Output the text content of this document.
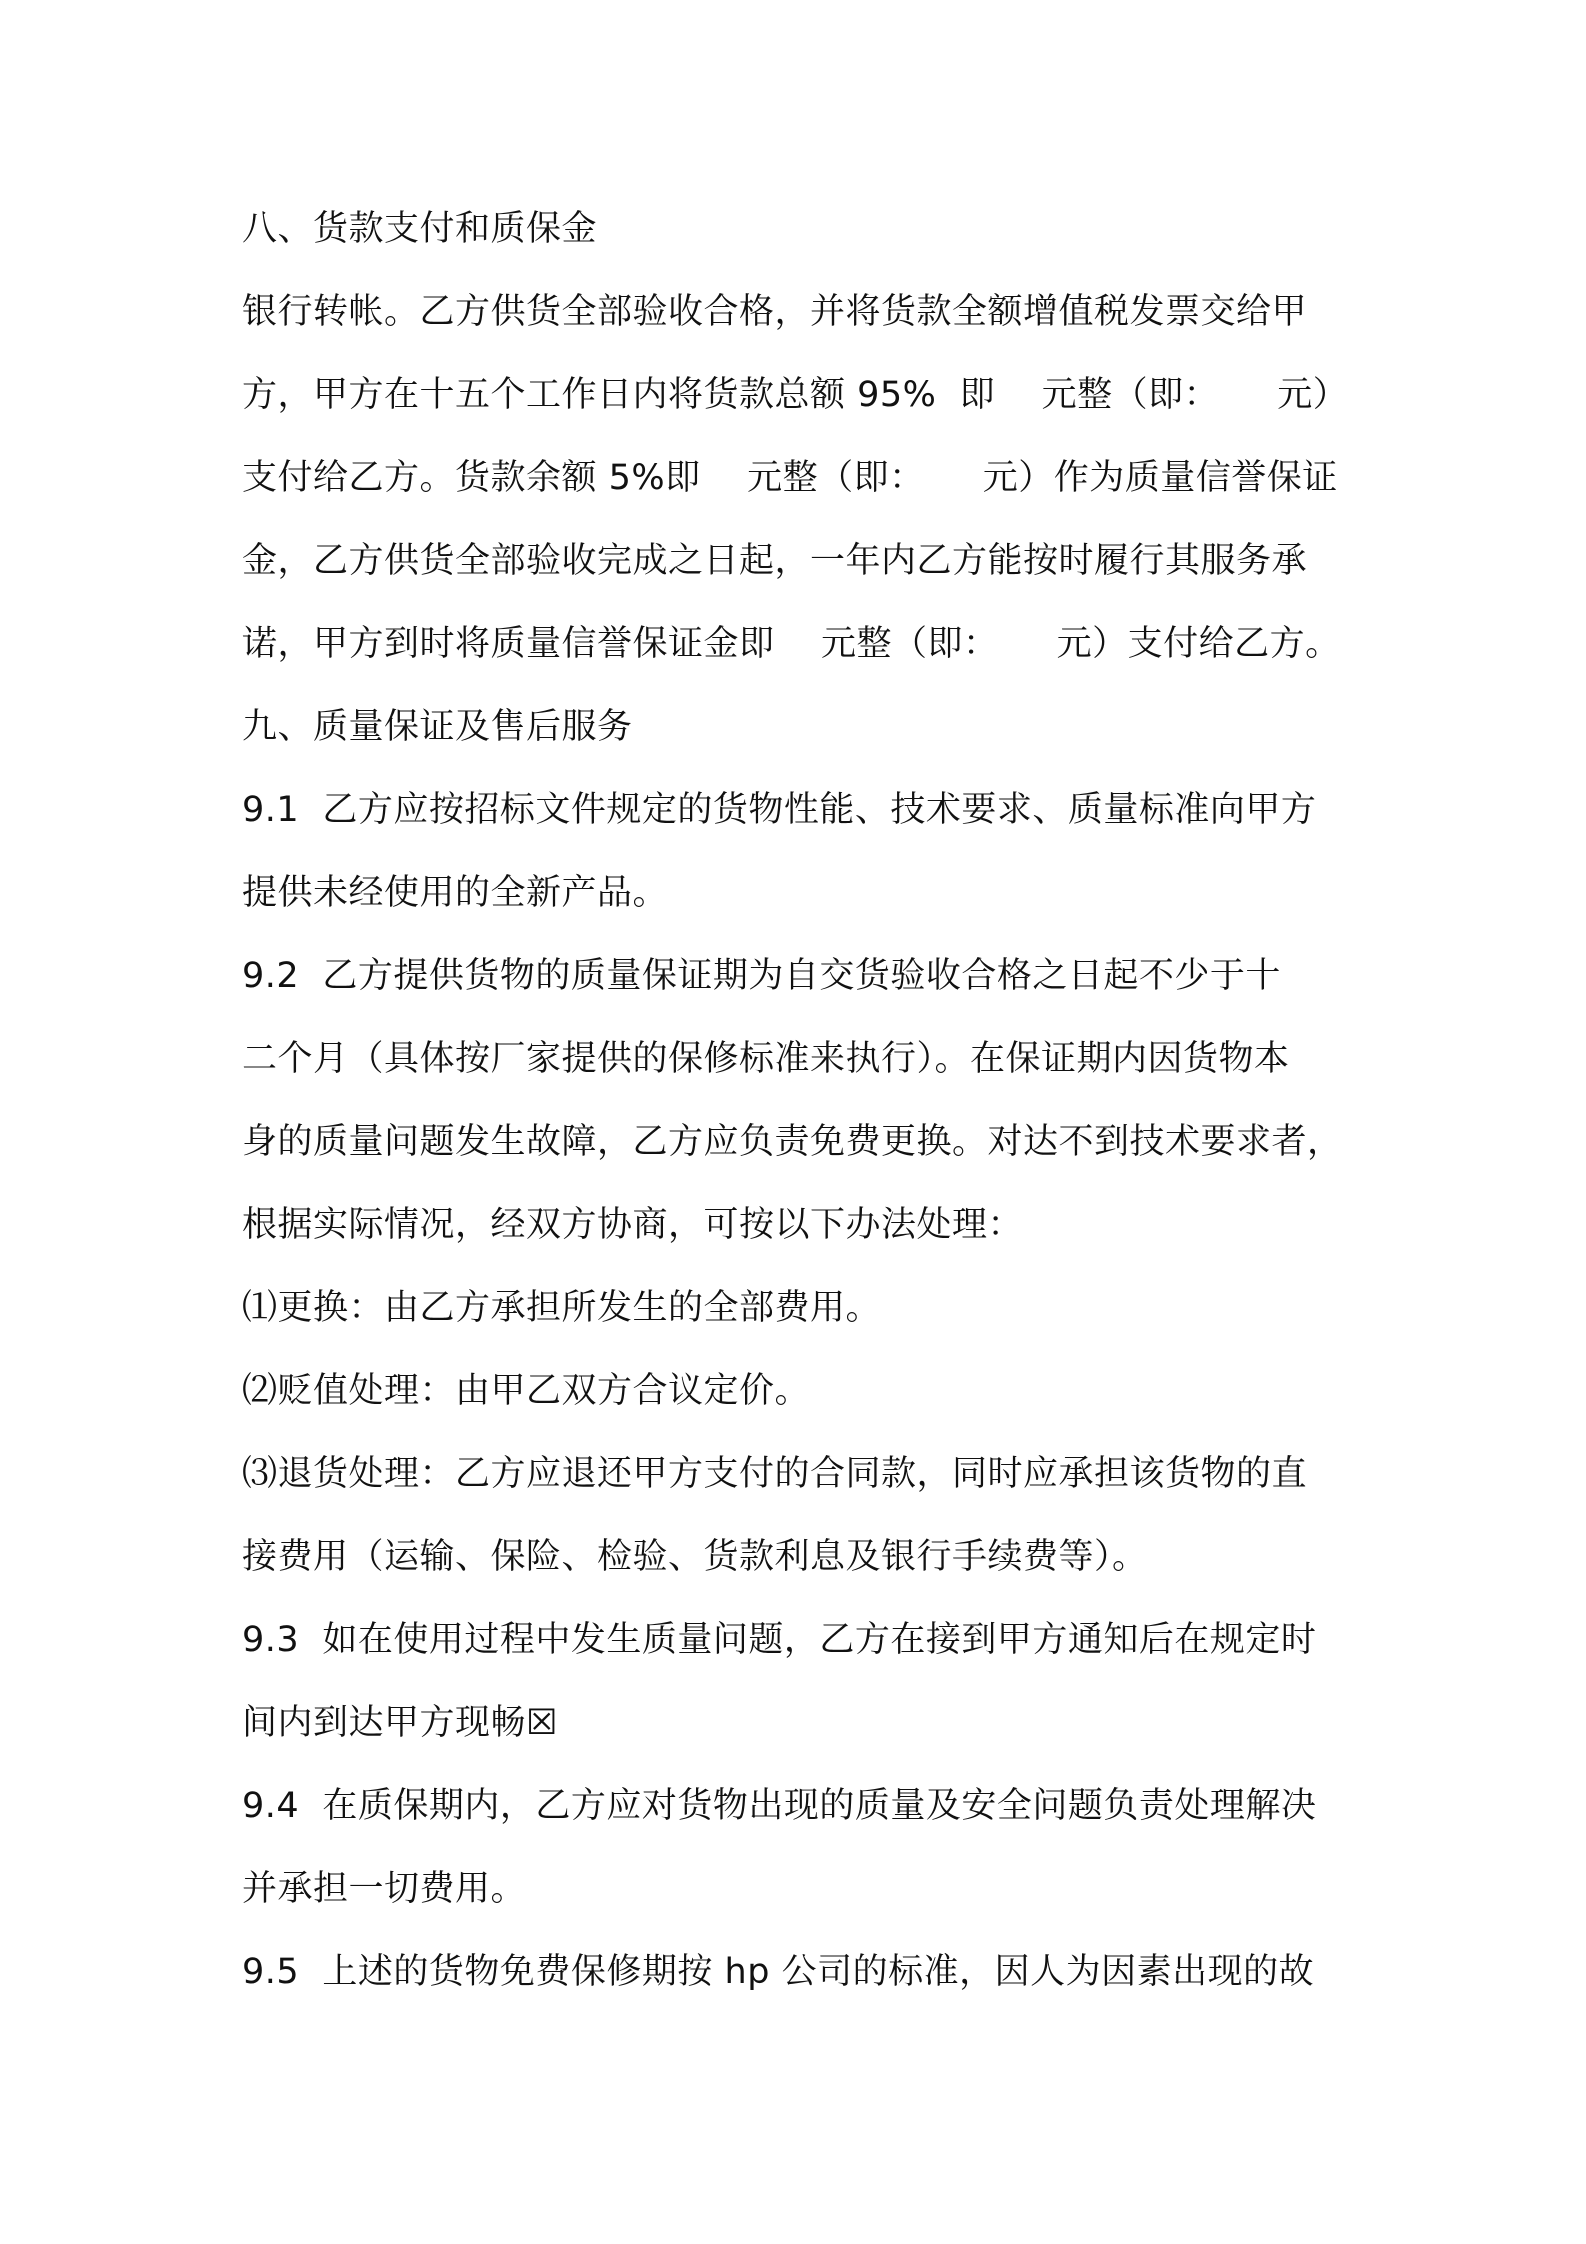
八、货款支付和质保金
银行转帐。乙方供货全部验收合格，并将货款全额增值税发票交给甲
方，甲方在十五个工作日内将货款总额 95%  即    元整（即：     元）
支付给乙方。货款余额 5%即    元整（即：     元）作为质量信誉保证
金，乙方供货全部验收完成之日起，一年内乙方能按时履行其服务承
诺，甲方到时将质量信誉保证金即    元整（即：     元）支付给乙方。
九、质量保证及售后服务
9.1  乙方应按招标文件规定的货物性能、技术要求、质量标准向甲方
提供未经使用的全新产品。
9.2  乙方提供货物的质量保证期为自交货验收合格之日起不少于十
二个月（具体按厂家提供的保修标准来执行）。在保证期内因货物本
身的质量问题发生故障，乙方应负责免费更换。对达不到技术要求者，
根据实际情况，经双方协商，可按以下办法处理：
⑴更换：由乙方承担所发生的全部费用。
⑵贬值处理：由甲乙双方合议定价。
⑶退货处理：乙方应退还甲方支付的合同款，同时应承担该货物的直
接费用（运输、保险、检验、货款利息及银行手续费等）。
9.3  如在使用过程中发生质量问题，乙方在接到甲方通知后在规定时
间内到达甲方现畅☒
9.4  在质保期内，乙方应对货物出现的质量及安全问题负责处理解决
并承担一切费用。
9.5  上述的货物免费保修期按 hp 公司的标准，因人为因素出现的故
